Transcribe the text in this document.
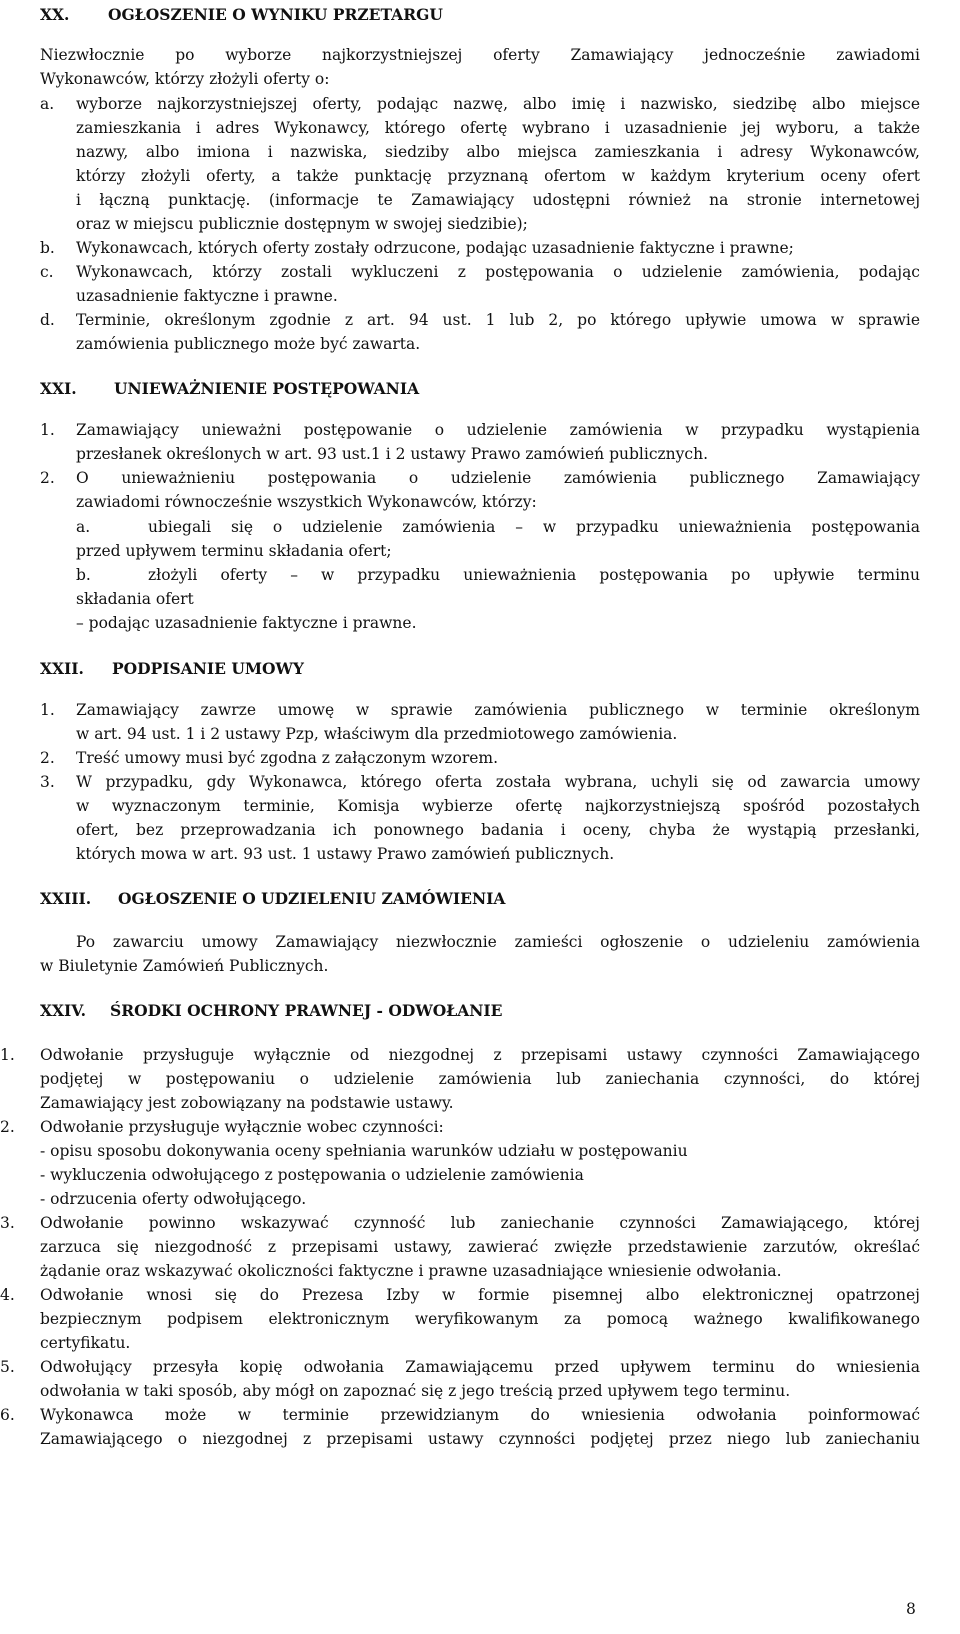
XX. OGŁOSZENIE O WYNIKU PRZETARGU
Niezwłocznie po wyborze najkorzystniejszej oferty Zamawiający jednocześnie zawiadomi
Wykonawców, którzy złożyli oferty o:
a. wyborze najkorzystniejszej oferty, podając nazwę, albo imię i nazwisko, siedzibę albo miejsce
zamieszkania i adres Wykonawcy, którego ofertę wybrano i uzasadnienie jej wyboru, a także
nazwy, albo imiona i nazwiska, siedziby albo miejsca zamieszkania i adresy Wykonawców,
którzy złożyli oferty, a także punktację przyznaną ofertom w każdym kryterium oceny ofert
i łączną punktację. (informacje te Zamawiający udostępni również na stronie internetowej
oraz w miejscu publicznie dostępnym w swojej siedzibie);
b. Wykonawcach, których oferty zostały odrzucone, podając uzasadnienie faktyczne i prawne;
c. Wykonawcach, którzy zostali wykluczeni z postępowania o udzielenie zamówienia, podając
uzasadnienie faktyczne i prawne.
d. Terminie, określonym zgodnie z art. 94 ust. 1 lub 2, po którego upływie umowa w sprawie
zamówienia publicznego może być zawarta.
XXI. UNIEWAŻNIENIE POSTĘPOWANIA
1. Zamawiający unieważni postępowanie o udzielenie zamówienia w przypadku wystąpienia
przesłanek określonych w art. 93 ust.1 i 2 ustawy Prawo zamówień publicznych.
2. O unieważnieniu postępowania o udzielenie zamówienia publicznego Zamawiający
zawiadomi równocześnie wszystkich Wykonawców, którzy:
a.	ubiegali się o udzielenie zamówienia – w przypadku unieważnienia postępowania
przed upływem terminu składania ofert;
b.	złożyli oferty – w przypadku unieważnienia postępowania po upływie terminu
składania ofert
– podając uzasadnienie faktyczne i prawne.
XXII. PODPISANIE UMOWY
1. Zamawiający zawrze umowę w sprawie zamówienia publicznego w terminie określonym
w art. 94 ust. 1 i 2 ustawy Pzp, właściwym dla przedmiotowego zamówienia.
2. Treść umowy musi być zgodna z załączonym wzorem.
3. W przypadku, gdy Wykonawca, którego oferta została wybrana, uchyli się od zawarcia umowy
w wyznaczonym terminie, Komisja wybierze ofertę najkorzystniejszą spośród pozostałych
ofert, bez przeprowadzania ich ponownego badania i oceny, chyba że wystąpią przesłanki,
których mowa w art. 93 ust. 1 ustawy Prawo zamówień publicznych.
XXIII. OGŁOSZENIE O UDZIELENIU ZAMÓWIENIA
Po zawarciu umowy Zamawiający niezwłocznie zamieści ogłoszenie o udzieleniu zamówienia
w Biuletynie Zamówień Publicznych.
XXIV. ŚRODKI OCHRONY PRAWNEJ - ODWOŁANIE
1. Odwołanie przysługuje wyłącznie od niezgodnej z przepisami ustawy czynności Zamawiającego
podjętej w postępowaniu o udzielenie zamówienia lub zaniechania czynności, do której
Zamawiający jest zobowiązany na podstawie ustawy.
2. Odwołanie przysługuje wyłącznie wobec czynności:
- opisu sposobu dokonywania oceny spełniania warunków udziału w postępowaniu
- wykluczenia odwołującego z postępowania o udzielenie zamówienia
- odrzucenia oferty odwołującego.
3. Odwołanie powinno wskazywać czynność lub zaniechanie czynności Zamawiającego, której
zarzuca się niezgodność z przepisami ustawy, zawierać zwięzłe przedstawienie zarzutów, określać
żądanie oraz wskazywać okoliczności faktyczne i prawne uzasadniające wniesienie odwołania.
4. Odwołanie wnosi się do Prezesa Izby w formie pisemnej albo elektronicznej opatrzonej
bezpiecznym podpisem elektronicznym weryfikowanym za pomocą ważnego kwalifikowanego
certyfikatu.
5. Odwołujący przesyła kopię odwołania Zamawiającemu przed upływem terminu do wniesienia
odwołania w taki sposób, aby mógł on zapoznać się z jego treścią przed upływem tego terminu.
6. Wykonawca może w terminie przewidzianym do wniesienia odwołania poinformować
Zamawiającego o niezgodnej z przepisami ustawy czynności podjętej przez niego lub zaniechaniu
8
